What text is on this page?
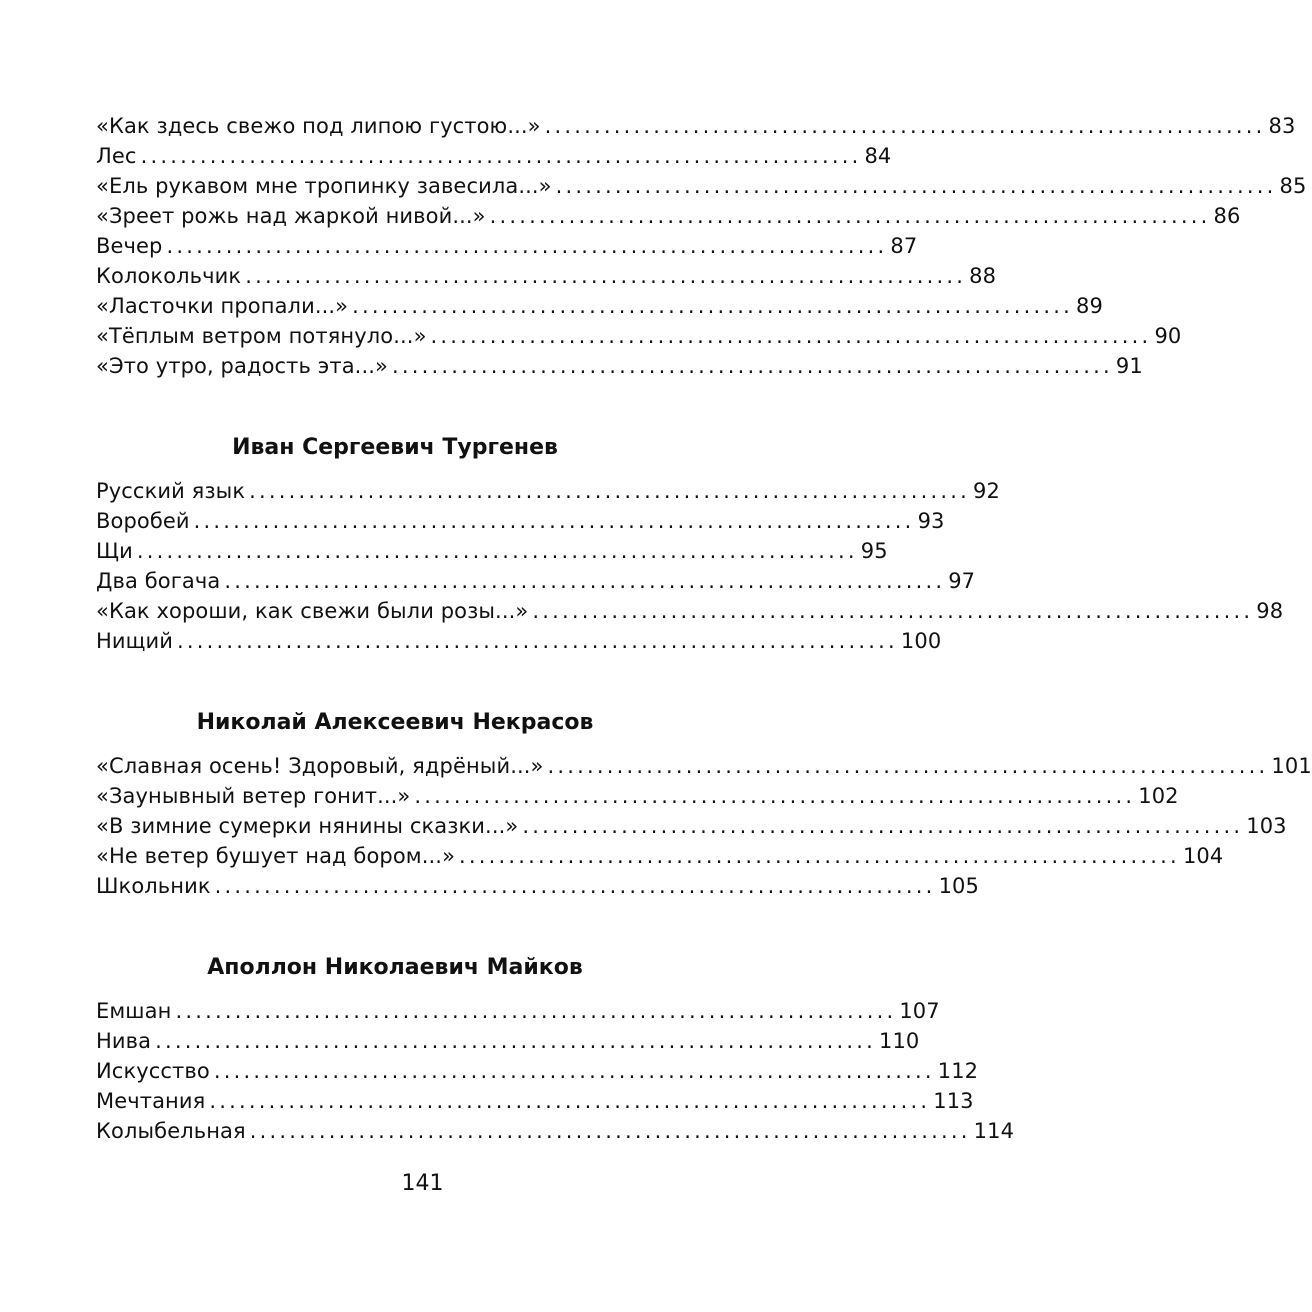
«Как здесь свежо под липою густою...» ......................................................................... 83
Лес ......................................................................... 84
«Ель рукавом мне тропинку завесила...» ......................................................................... 85
«Зреет рожь над жаркой нивой...» ......................................................................... 86
Вечер ......................................................................... 87
Колокольчик ......................................................................... 88
«Ласточки пропали...» ......................................................................... 89
«Тёплым ветром потянуло...» ......................................................................... 90
«Это утро, радость эта...» ......................................................................... 91
Иван Сергеевич Тургенев
Русский язык ......................................................................... 92
Воробей ......................................................................... 93
Щи ......................................................................... 95
Два богача ......................................................................... 97
«Как хороши, как свежи были розы...» ......................................................................... 98
Нищий ......................................................................... 100
Николай Алексеевич Некрасов
«Славная осень! Здоровый, ядрёный...» ......................................................................... 101
«Заунывный ветер гонит...» ......................................................................... 102
«В зимние сумерки нянины сказки...» ......................................................................... 103
«Не ветер бушует над бором...» ......................................................................... 104
Школьник ......................................................................... 105
Аполлон Николаевич Майков
Емшан ......................................................................... 107
Нива ......................................................................... 110
Искусство ......................................................................... 112
Мечтания ......................................................................... 113
Колыбельная ......................................................................... 114
141
